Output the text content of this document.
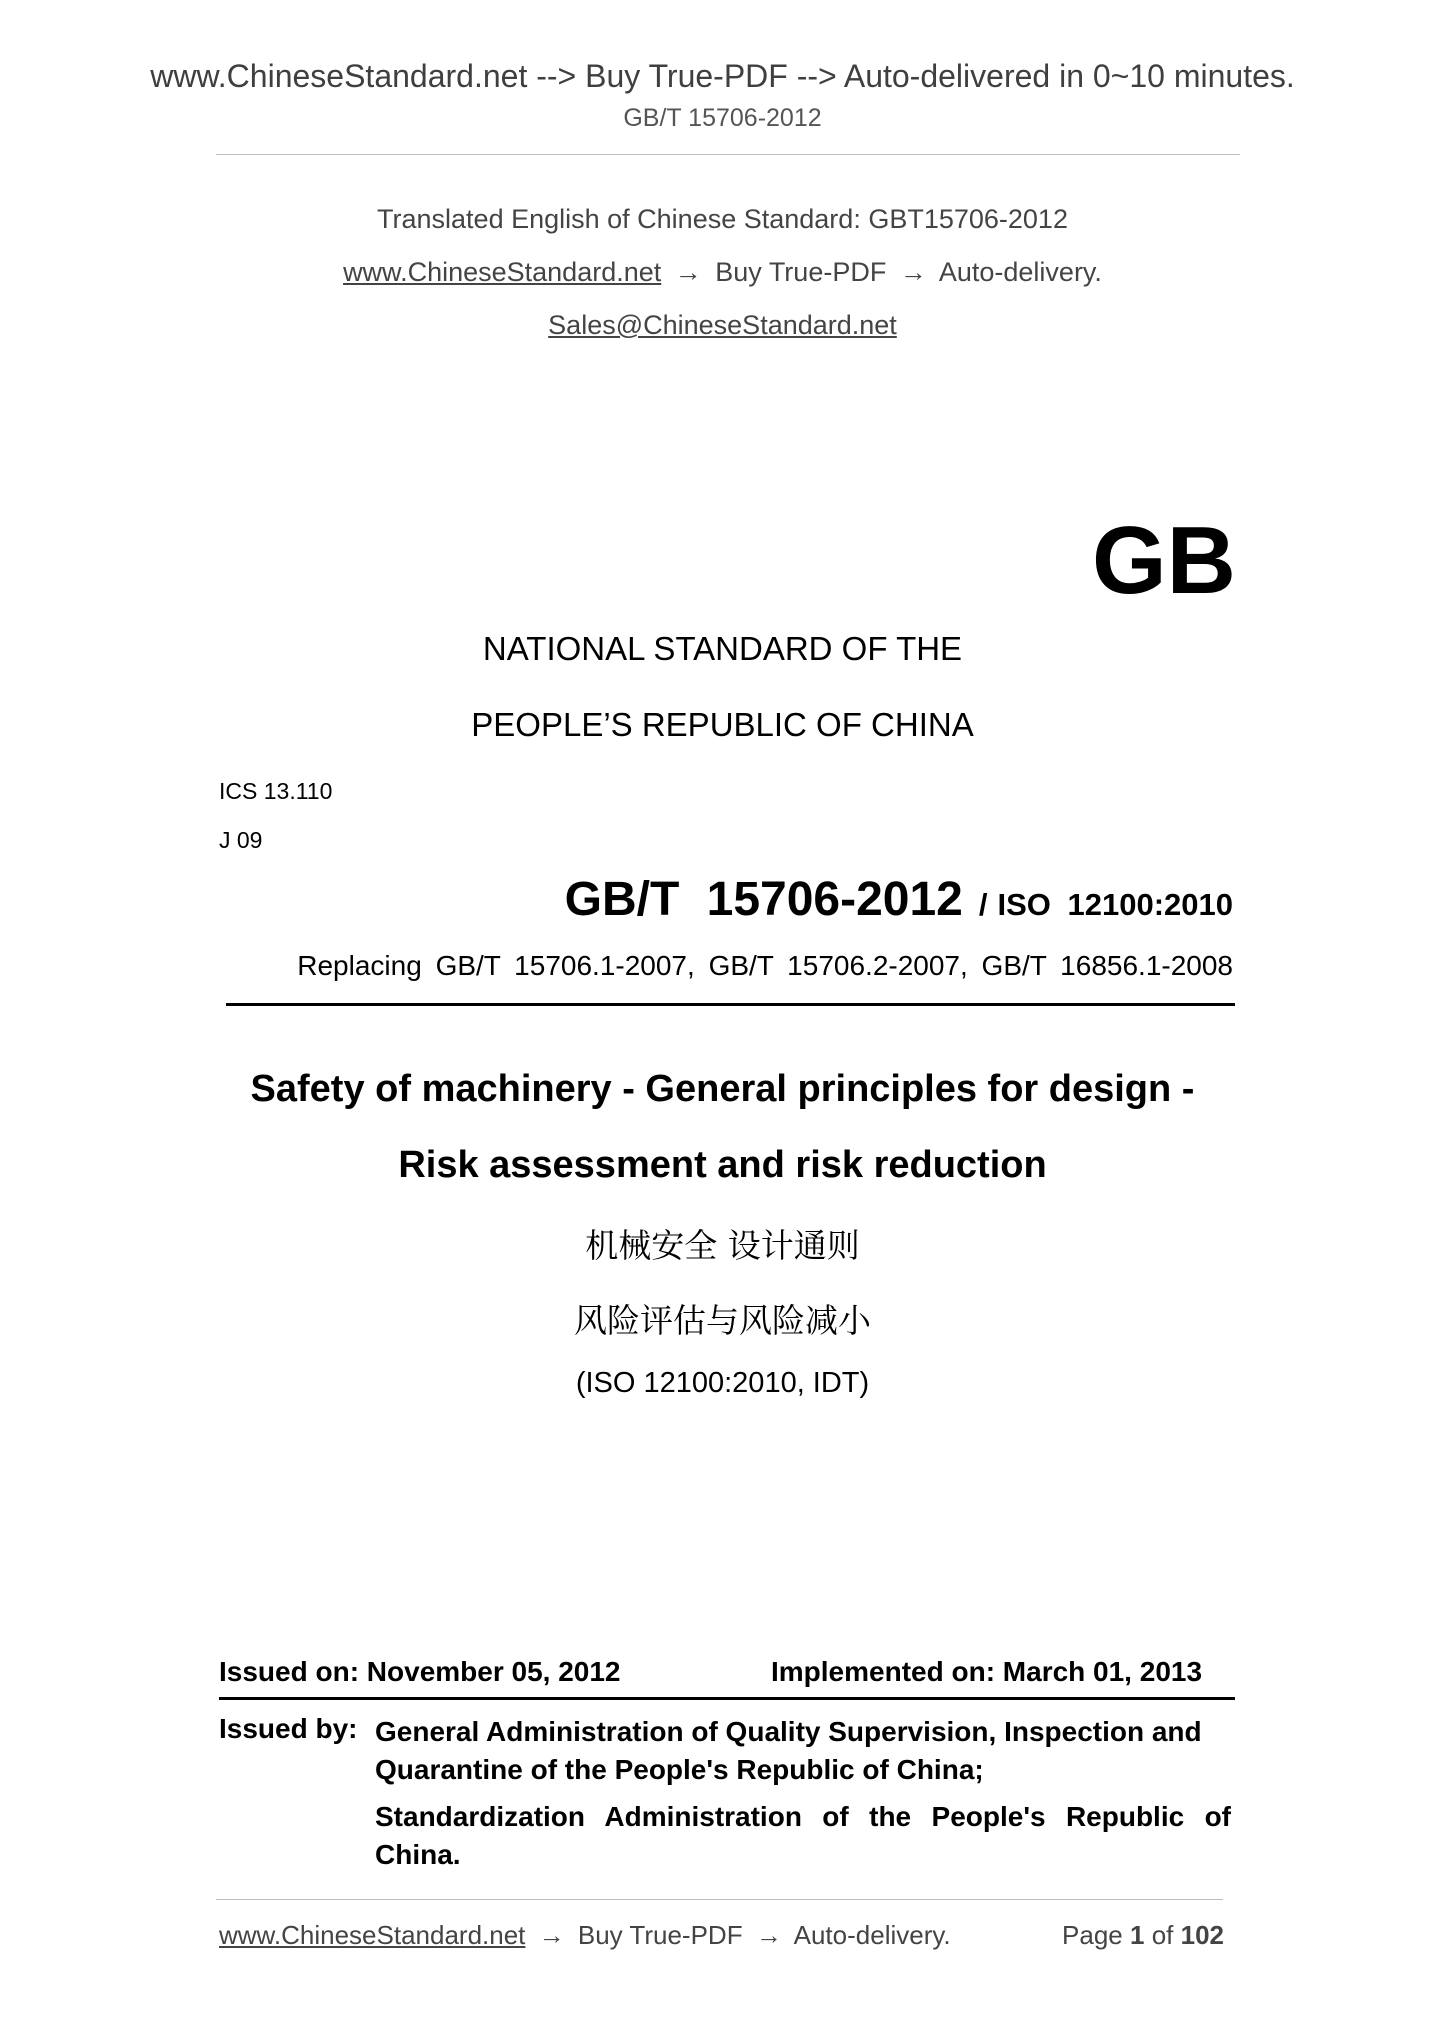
www.ChineseStandard.net --> Buy True-PDF --> Auto-delivered in 0~10 minutes.
GB/T 15706-2012
Translated English of Chinese Standard: GBT15706-2012
www.ChineseStandard.net → Buy True-PDF → Auto-delivery.
Sales@ChineseStandard.net
GB
NATIONAL STANDARD OF THE
PEOPLE’S REPUBLIC OF CHINA
ICS 13.110
J 09
GB/T 15706-2012 / ISO 12100:2010
Replacing GB/T 15706.1-2007, GB/T 15706.2-2007, GB/T 16856.1-2008
Safety of machinery - General principles for design -
Risk assessment and risk reduction
机械安全 设计通则
风险评估与风险减小
(ISO 12100:2010, IDT)
Issued on: November 05, 2012	Implemented on: March 01, 2013
Issued by: General Administration of Quality Supervision, Inspection and
Quarantine of the People's Republic of China;
Standardization Administration of the People's Republic of China.
www.ChineseStandard.net → Buy True-PDF → Auto-delivery.	Page 1 of 102
